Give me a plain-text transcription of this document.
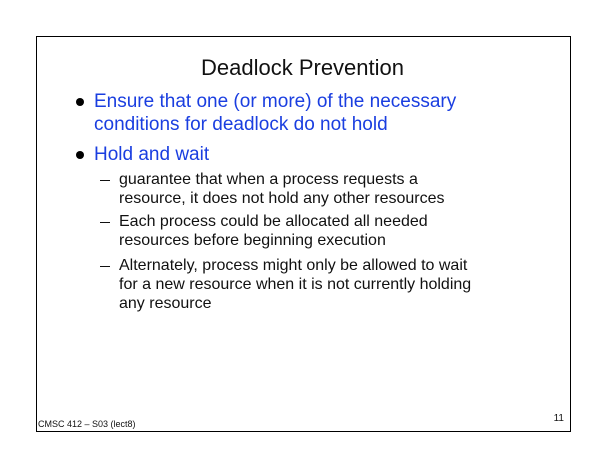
Deadlock Prevention
Ensure that one (or more) of the necessary
conditions for deadlock do not hold
Hold and wait
guarantee that when a process requests a
resource, it does not hold any other resources
Each process could be allocated all needed
resources before beginning execution
Alternately, process might only be allowed to wait
for a new resource when it is not currently holding
any resource
CMSC 412 – S03 (lect8)	11
